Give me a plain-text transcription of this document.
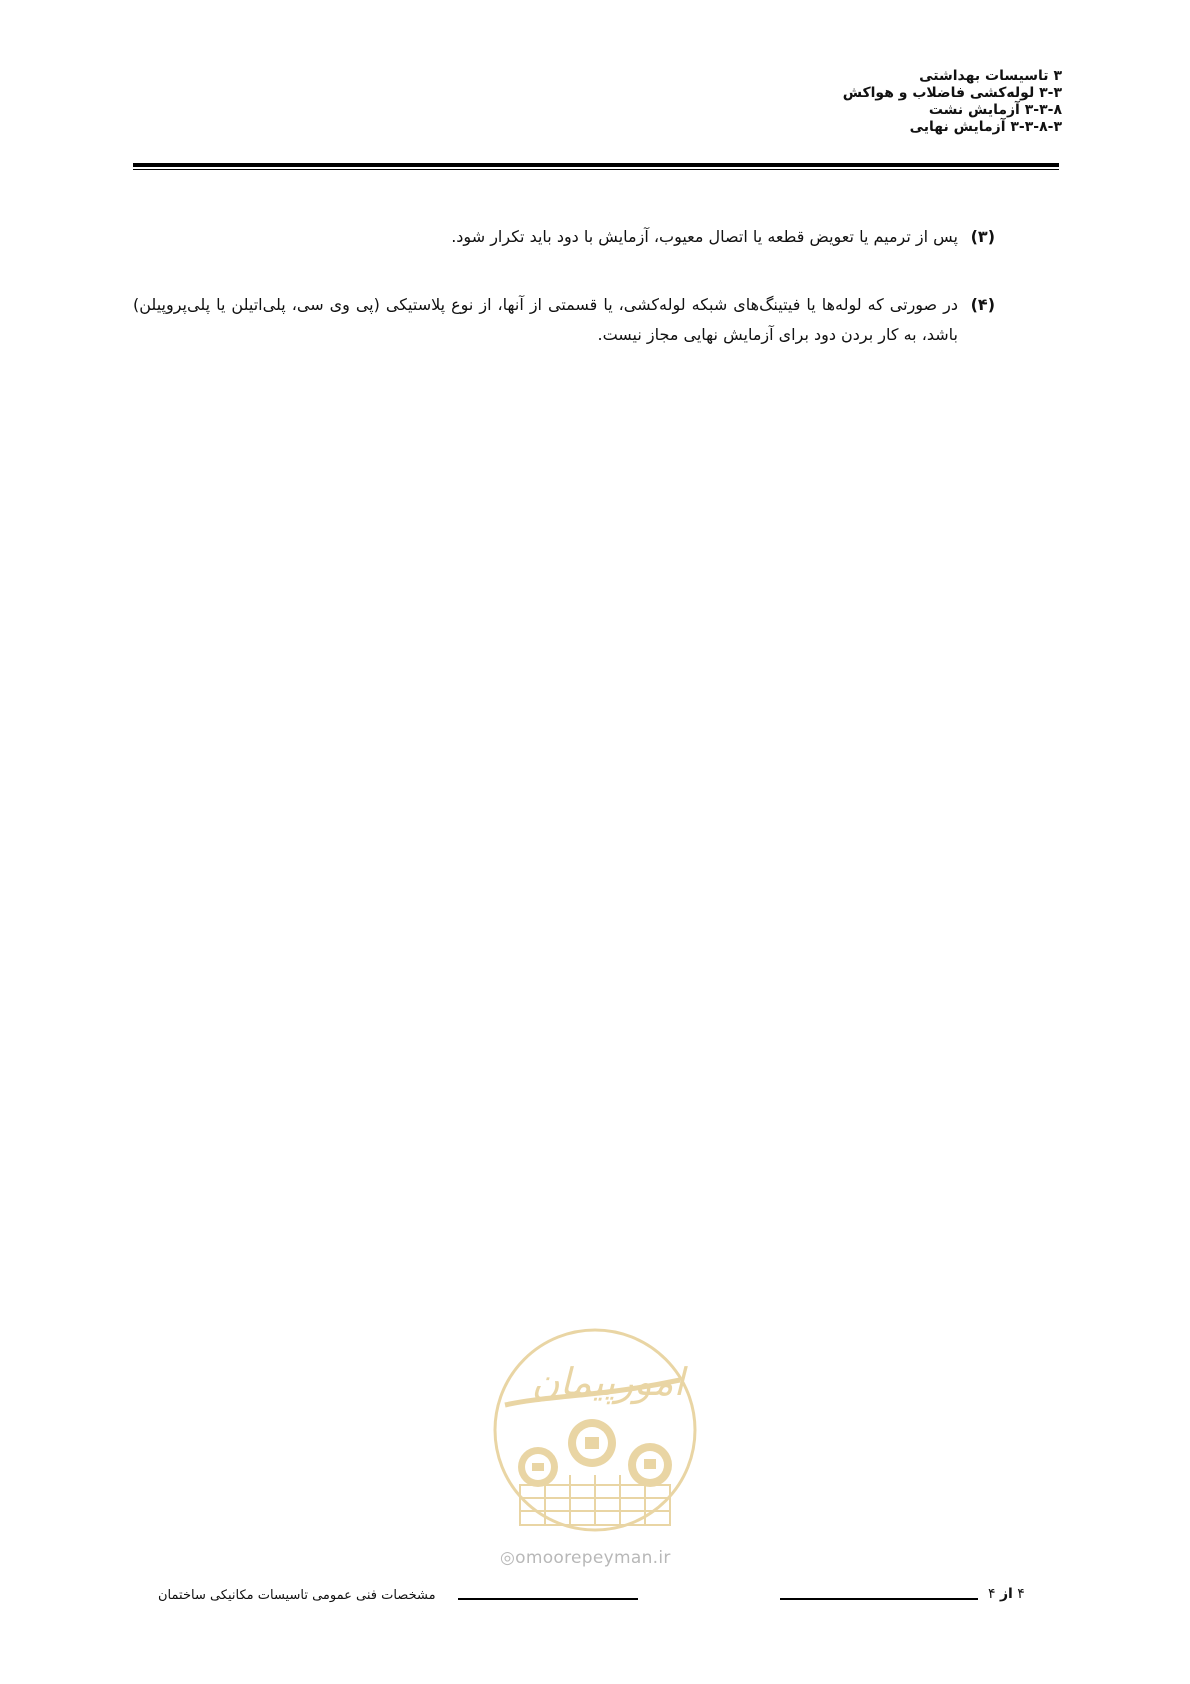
۳ تاسیسات بهداشتی
۳-۳ لوله‌کشی فاضلاب و هواکش
۳-۳-۸ آزمایش نشت
۳-۳-۸-۳ آزمایش نهایی
(۳)
پس از ترمیم یا تعویض قطعه یا اتصال معیوب، آزمایش با دود باید تکرار شود.
(۴)
در صورتی که لوله‌ها یا فیتینگ‌های شبکه لوله‌کشی، یا قسمتی از آنها، از نوع پلاستیکی (پی وی سی، پلی‌اتیلن یا پلی‌پروپیلن) باشد، به کار بردن دود برای آزمایش نهایی مجاز نیست.
امورپیمان
◎omoorepeyman.ir
مشخصات فنی عمومی تاسیسات مکانیکی ساختمان	۴ از ۴
